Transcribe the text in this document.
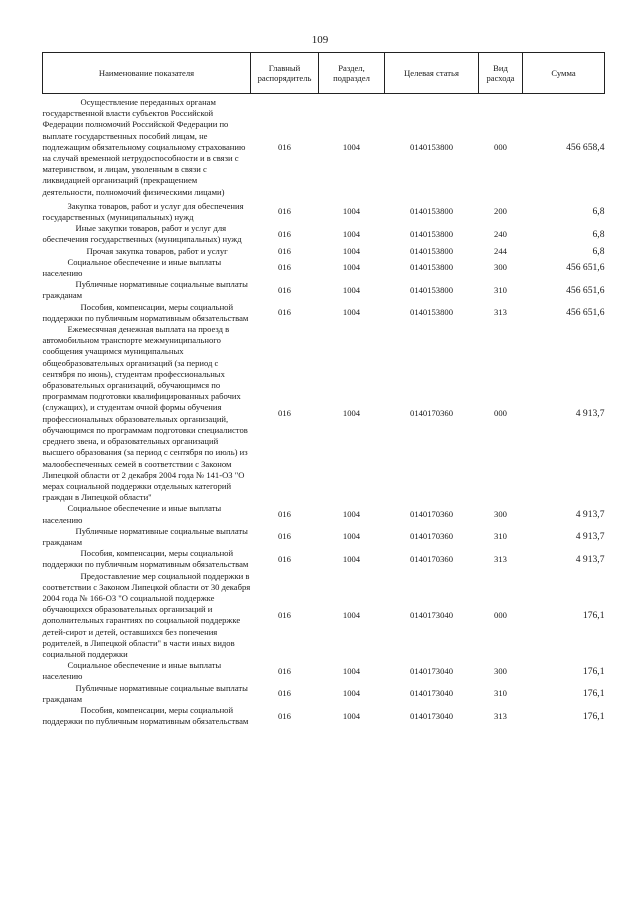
109
Наименование показателя	Главный распорядитель	Раздел, подраздел	Целевая статья	Вид расхода	Сумма

Осуществление переданных органам государственной власти субъектов Российской Федерации полномочий Российской Федерации по выплате государственных пособий лицам, не подлежащим обязательному социальному страхованию на случай временной нетрудоспособности и в связи с материнством, и лицам, уволенным в связи с ликвидацией организаций (прекращением деятельности, полномочий физическими лицами)	016	1004	0140153800	000	456 658,4

Закупка товаров, работ и услуг для обеспечения государственных (муниципальных) нужд	016	1004	0140153800	200	6,8

Иные закупки товаров, работ и услуг для обеспечения государственных (муниципальных) нужд	016	1004	0140153800	240	6,8

Прочая закупка товаров, работ и услуг	016	1004	0140153800	244	6,8

Социальное обеспечение и иные выплаты населению	016	1004	0140153800	300	456 651,6

Публичные нормативные социальные выплаты гражданам	016	1004	0140153800	310	456 651,6

Пособия, компенсации, меры социальной поддержки по публичным нормативным обязательствам	016	1004	0140153800	313	456 651,6

Ежемесячная денежная выплата на проезд в автомобильном транспорте межмуниципального сообщения учащимся муниципальных общеобразовательных организаций (за период с сентября по июнь), студентам профессиональных образовательных организаций, обучающимся по программам подготовки квалифицированных рабочих (служащих), и студентам очной формы обучения профессиональных образовательных организаций, обучающимся по программам подготовки специалистов среднего звена, и образовательных организаций высшего образования (за период с сентября по июль) из малообеспеченных семей в соответствии с Законом Липецкой области от 2 декабря 2004 года № 141-ОЗ "О мерах социальной поддержки отдельных категорий граждан в Липецкой области"	016	1004	0140170360	000	4 913,7

Социальное обеспечение и иные выплаты населению	016	1004	0140170360	300	4 913,7

Публичные нормативные социальные выплаты гражданам	016	1004	0140170360	310	4 913,7

Пособия, компенсации, меры социальной поддержки по публичным нормативным обязательствам	016	1004	0140170360	313	4 913,7

Предоставление мер социальной поддержки в соответствии с Законом Липецкой области от 30 декабря 2004 года № 166-ОЗ "О социальной поддержке обучающихся образовательных организаций и дополнительных гарантиях по социальной поддержке детей-сирот и детей, оставшихся без попечения родителей, в Липецкой области" в части иных видов социальной поддержки	016	1004	0140173040	000	176,1

Социальное обеспечение и иные выплаты населению	016	1004	0140173040	300	176,1

Публичные нормативные социальные выплаты гражданам	016	1004	0140173040	310	176,1

Пособия, компенсации, меры социальной поддержки по публичным нормативным обязательствам	016	1004	0140173040	313	176,1
